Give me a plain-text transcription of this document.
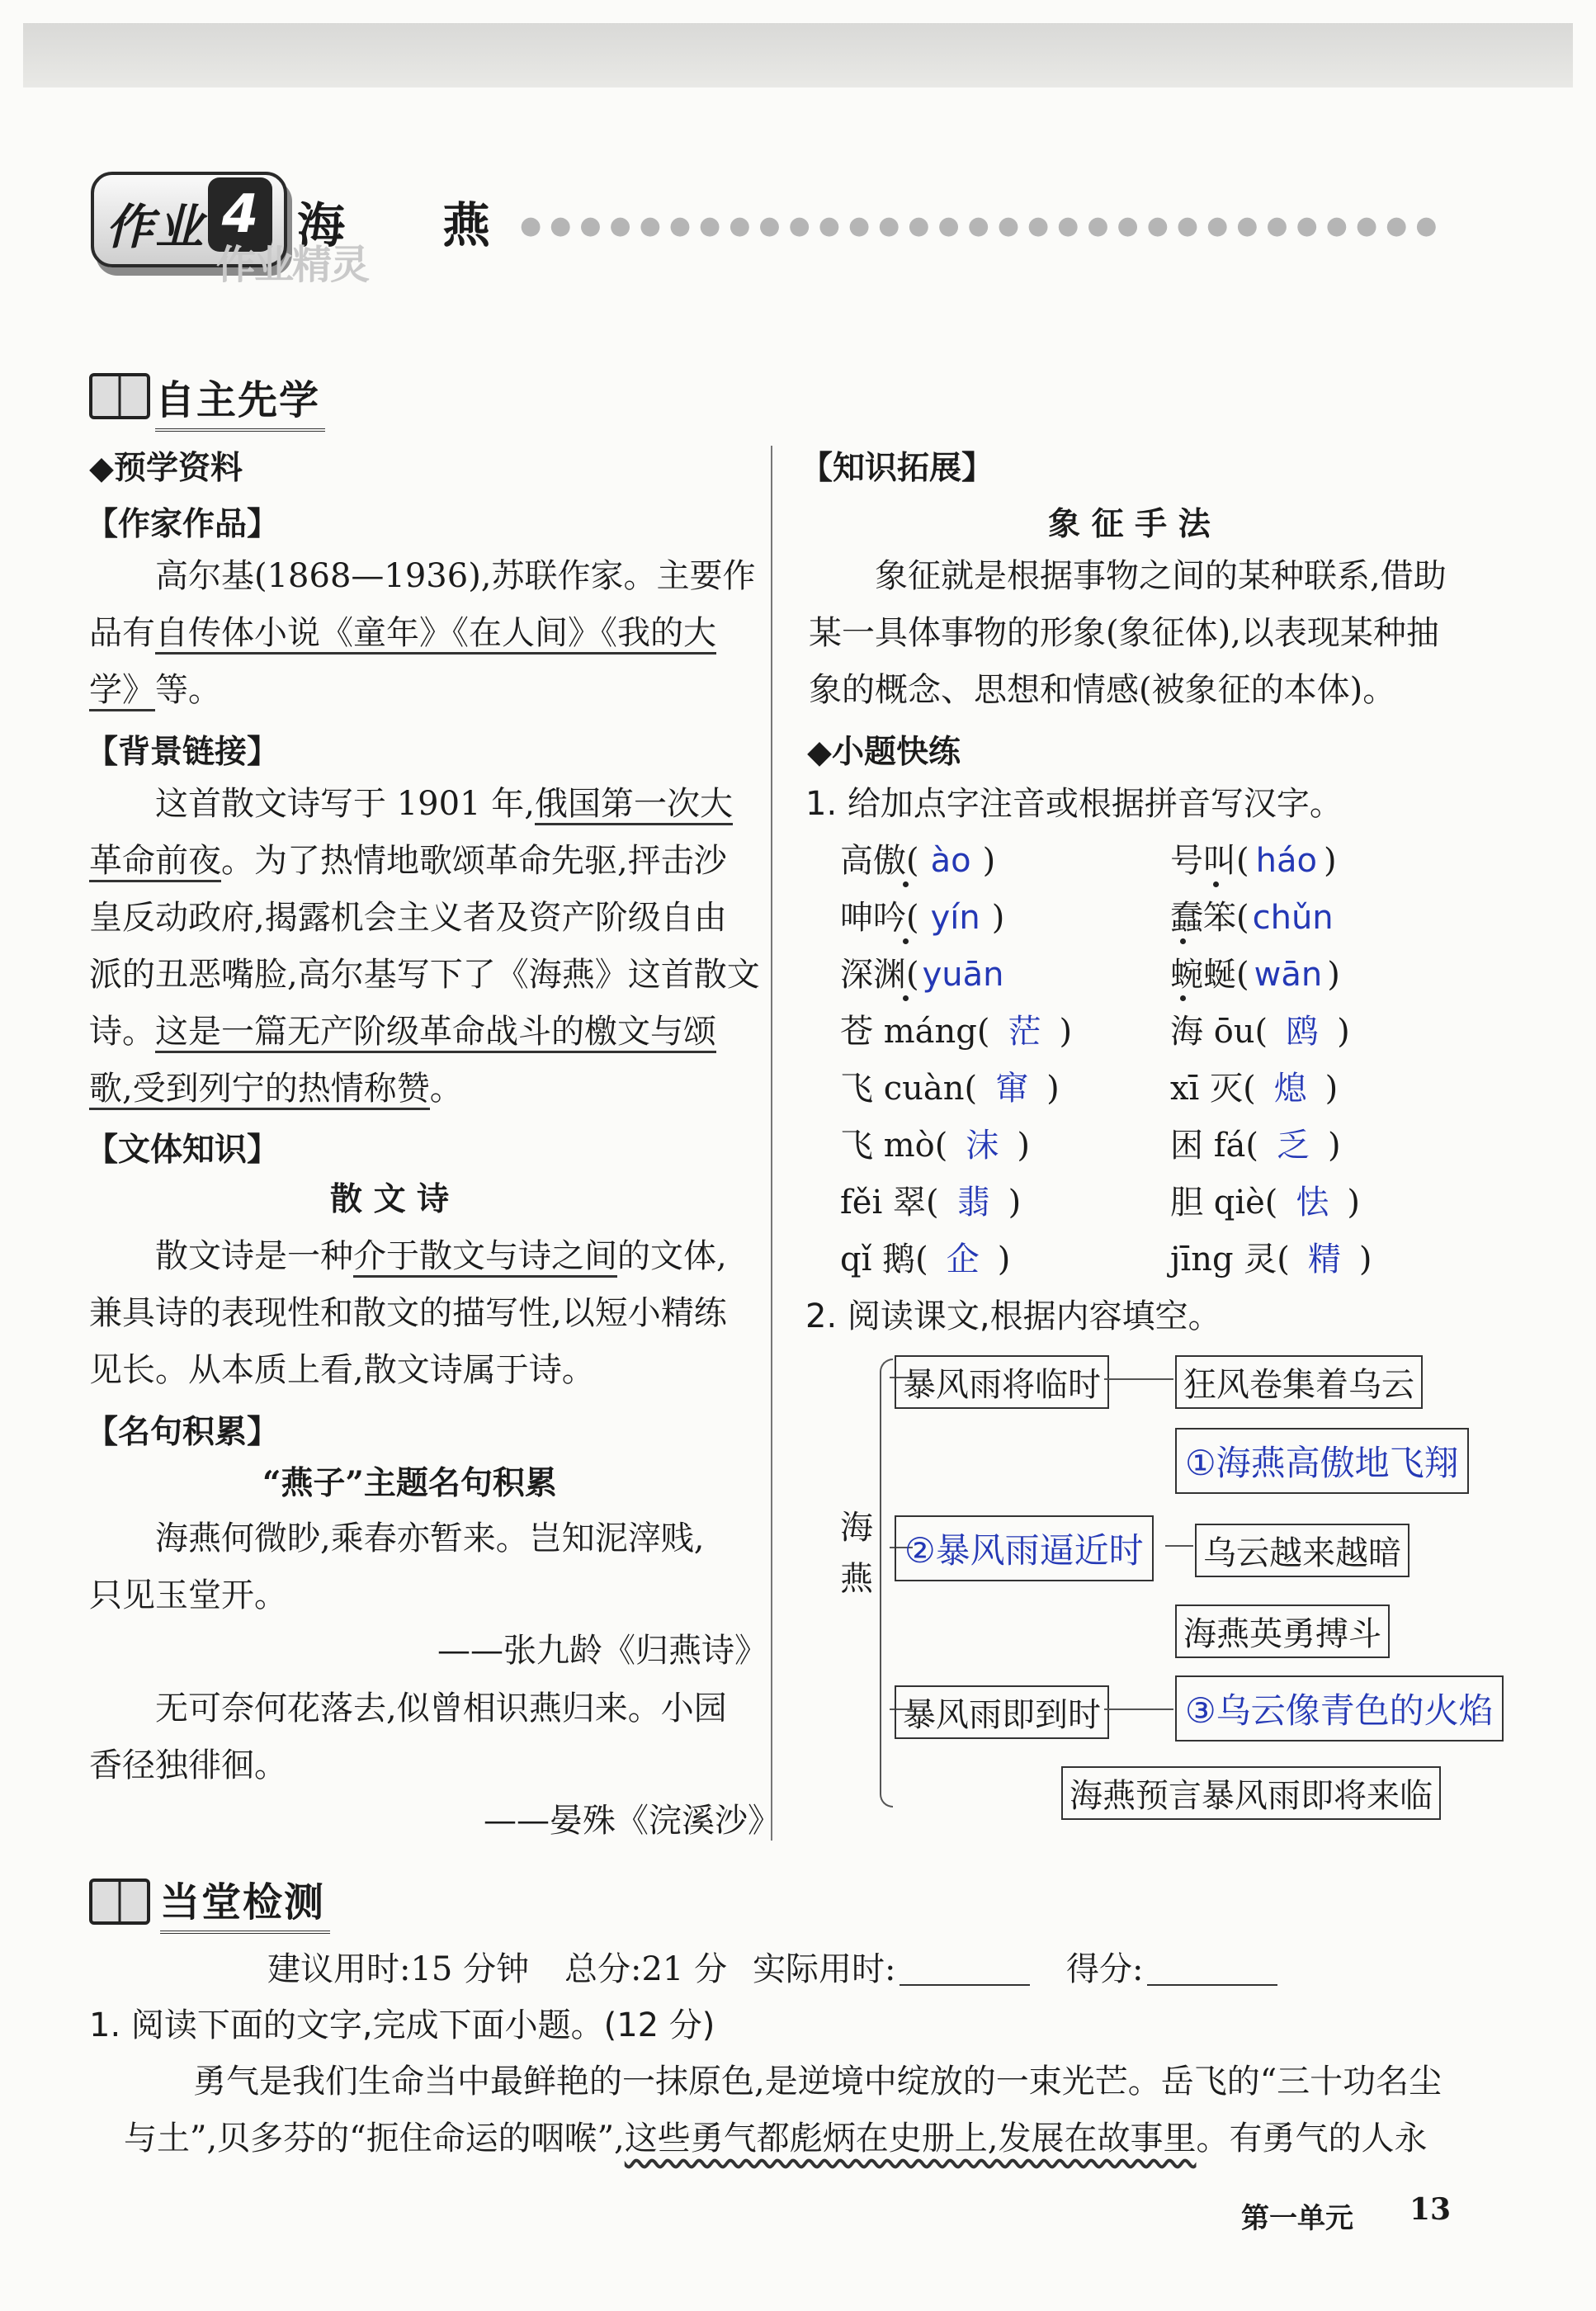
作业 4 海 燕 ●●●●●●●●●●●●●●●●●●●●●●●●●●●●●●●
作业精灵
自主先学
◆预学资料
【作家作品】
高尔基(1868—1936),苏联作家。主要作
品有自传体小说《童年》《在人间》《我的大
学》等。
【背景链接】
这首散文诗写于 1901 年,俄国第一次大
革命前夜。为了热情地歌颂革命先驱,抨击沙
皇反动政府,揭露机会主义者及资产阶级自由
派的丑恶嘴脸,高尔基写下了《海燕》这首散文
诗。这是一篇无产阶级革命战斗的檄文与颂
歌,受到列宁的热情称赞。
【文体知识】
散 文 诗
散文诗是一种介于散文与诗之间的文体,
兼具诗的表现性和散文的描写性,以短小精练
见长。从本质上看,散文诗属于诗。
【名句积累】
“燕子”主题名句积累
海燕何微眇,乘春亦暂来。岂知泥滓贱,
只见玉堂开。
——张九龄《归燕诗》
无可奈何花落去,似曾相识燕归来。小园
香径独徘徊。
——晏殊《浣溪沙》
【知识拓展】
象 征 手 法
象征就是根据事物之间的某种联系,借助
某一具体事物的形象(象征体),以表现某种抽
象的概念、思想和情感(被象征的本体)。
◆小题快练
1. 给加点字注音或根据拼音写汉字。
高傲( ào )	号叫( háo )
呻吟( yín )	蠢笨( chǔn
深渊( yuān	蜿蜒( wān )
苍 máng( 茫 )	海 ōu( 鸥 )
飞 cuàn( 窜 )	xī 灭( 熄 )
飞 mò( 沫 )	困 fá( 乏 )
fěi 翠( 翡 )	胆 qiè( 怯 )
qǐ 鹅( 企 )	jīng 灵( 精 )
2. 阅读课文,根据内容填空。
海
燕
暴风雨将临时	狂风卷集着乌云
①海燕高傲地飞翔
②暴风雨逼近时	乌云越来越暗
海燕英勇搏斗
暴风雨即到时 ③乌云像青色的火焰
海燕预言暴风雨即将来临
当堂检测
建议用时:15 分钟 总分:21 分 实际用时:	得分:
1. 阅读下面的文字,完成下面小题。(12 分)
勇气是我们生命当中最鲜艳的一抹原色,是逆境中绽放的一束光芒。岳飞的“三十功名尘
与土”,贝多芬的“扼住命运的咽喉”,这些勇气都彪炳在史册上,发展在故事里。有勇气的人永
第一单元 13
